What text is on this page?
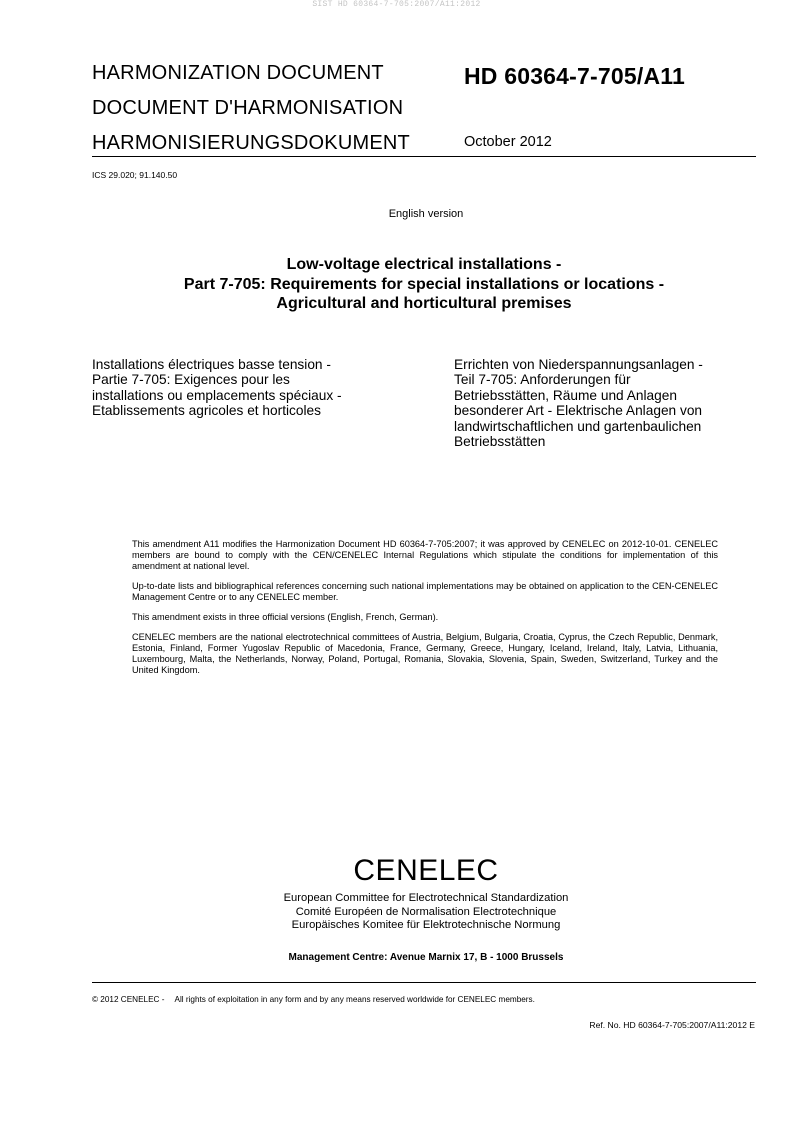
SIST HD 60364-7-705:2007/A11:2012
HARMONIZATION DOCUMENT
DOCUMENT D'HARMONISATION
HARMONISIERUNGSDOKUMENT
HD 60364-7-705/A11
October 2012
ICS 29.020; 91.140.50
English version
Low-voltage electrical installations -
Part 7-705: Requirements for special installations or locations -
Agricultural and horticultural premises
Installations électriques basse tension -
Partie 7-705: Exigences pour les
installations ou emplacements spéciaux -
Etablissements agricoles et horticoles
Errichten von Niederspannungsanlagen -
Teil 7-705: Anforderungen für
Betriebsstätten, Räume und Anlagen
besonderer Art - Elektrische Anlagen von
landwirtschaftlichen und gartenbaulichen
Betriebsstätten

This amendment A11 modifies the Harmonization Document HD 60364-7-705:2007; it was approved by CENELEC on 2012-10-01. CENELEC members are bound to comply with the CEN/CENELEC Internal Regulations which stipulate the conditions for implementation of this amendment at national level.

Up-to-date lists and bibliographical references concerning such national implementations may be obtained on application to the CEN-CENELEC Management Centre or to any CENELEC member.

This amendment exists in three official versions (English, French, German).

CENELEC members are the national electrotechnical committees of Austria, Belgium, Bulgaria, Croatia, Cyprus, the Czech Republic, Denmark, Estonia, Finland, Former Yugoslav Republic of Macedonia, France, Germany, Greece, Hungary, Iceland, Ireland, Italy, Latvia, Lithuania, Luxembourg, Malta, the Netherlands, Norway, Poland, Portugal, Romania, Slovakia, Slovenia, Spain, Sweden, Switzerland, Turkey and the United Kingdom.

CENELEC
European Committee for Electrotechnical Standardization
Comité Européen de Normalisation Electrotechnique
Europäisches Komitee für Elektrotechnische Normung
Management Centre: Avenue Marnix 17, B - 1000 Brussels
© 2012 CENELEC - All rights of exploitation in any form and by any means reserved worldwide for CENELEC members.
Ref. No. HD 60364-7-705:2007/A11:2012 E
